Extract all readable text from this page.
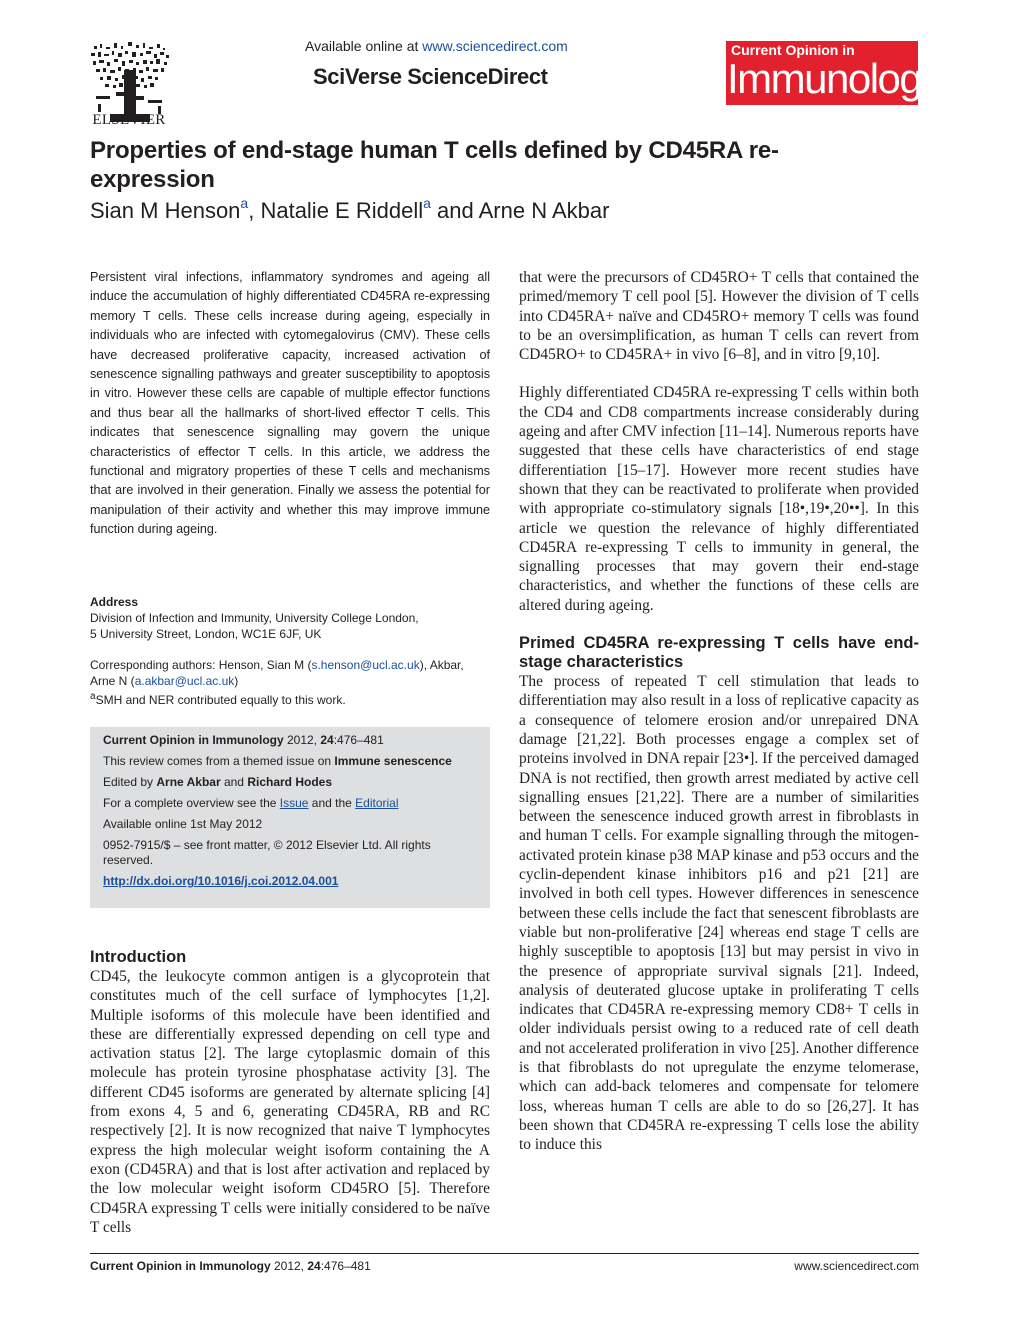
ELSEVIER
Available online at www.sciencedirect.com
SciVerse ScienceDirect
Current Opinion in
Immunology
Properties of end-stage human T cells defined by CD45RA re-expression
Sian M Henson$^a$, Natalie E Riddell$^a$ and Arne N Akbar

Persistent viral infections, inflammatory syndromes and ageing all induce the accumulation of highly differentiated CD45RA re-expressing memory T cells. These cells increase during ageing, especially in individuals who are infected with cytomegalovirus (CMV). These cells have decreased proliferative capacity, increased activation of senescence signalling pathways and greater susceptibility to apoptosis in vitro. However these cells are capable of multiple effector functions and thus bear all the hallmarks of short-lived effector T cells. This indicates that senescence signalling may govern the unique characteristics of effector T cells. In this article, we address the functional and migratory properties of these T cells and mechanisms that are involved in their generation. Finally we assess the potential for manipulation of their activity and whether this may improve immune function during ageing.

Address
Division of Infection and Immunity, University College London,
5 University Street, London, WC1E 6JF, UK
Corresponding authors: Henson, Sian M (s.henson@ucl.ac.uk), Akbar, Arne N (a.akbar@ucl.ac.uk)
$^a$SMH and NER contributed equally to this work.

Current Opinion in Immunology 2012, 24:476–481

This review comes from a themed issue on Immune senescence

Edited by Arne Akbar and Richard Hodes

For a complete overview see the Issue and the Editorial

Available online 1st May 2012

0952-7915/$ – see front matter, © 2012 Elsevier Ltd. All rights reserved.

http://dx.doi.org/10.1016/j.coi.2012.04.001

Introduction

CD45, the leukocyte common antigen is a glycoprotein that constitutes much of the cell surface of lymphocytes [1,2]. Multiple isoforms of this molecule have been identified and these are differentially expressed depending on cell type and activation status [2]. The large cytoplasmic domain of this molecule has protein tyrosine phosphatase activity [3]. The different CD45 isoforms are generated by alternate splicing [4] from exons 4, 5 and 6, generating CD45RA, RB and RC respectively [2]. It is now recognized that naive T lymphocytes express the high molecular weight isoform containing the A exon (CD45RA) and that is lost after activation and replaced by the low molecular weight isoform CD45RO [5]. Therefore CD45RA expressing T cells were initially considered to be naïve T cells

that were the precursors of CD45RO+ T cells that contained the primed/memory T cell pool [5]. However the division of T cells into CD45RA+ naïve and CD45RO+ memory T cells was found to be an oversimplification, as human T cells can revert from CD45RO+ to CD45RA+ in vivo [6–8], and in vitro [9,10].

Highly differentiated CD45RA re-expressing T cells within both the CD4 and CD8 compartments increase considerably during ageing and after CMV infection [11–14]. Numerous reports have suggested that these cells have characteristics of end stage differentiation [15–17]. However more recent studies have shown that they can be reactivated to proliferate when provided with appropriate co-stimulatory signals [18•,19•,20••]. In this article we question the relevance of highly differentiated CD45RA re-expressing T cells to immunity in general, the signalling processes that may govern their end-stage characteristics, and whether the functions of these cells are altered during ageing.

Primed CD45RA re-expressing T cells have end-stage characteristics

The process of repeated T cell stimulation that leads to differentiation may also result in a loss of replicative capacity as a consequence of telomere erosion and/or unrepaired DNA damage [21,22]. Both processes engage a complex set of proteins involved in DNA repair [23•]. If the perceived damaged DNA is not rectified, then growth arrest mediated by active cell signalling ensues [21,22]. There are a number of similarities between the senescence induced growth arrest in fibroblasts in and human T cells. For example signalling through the mitogen-activated protein kinase p38 MAP kinase and p53 occurs and the cyclin-dependent kinase inhibitors p16 and p21 [21] are involved in both cell types. However differences in senescence between these cells include the fact that senescent fibroblasts are viable but non-proliferative [24] whereas end stage T cells are highly susceptible to apoptosis [13] but may persist in vivo in the presence of appropriate survival signals [21]. Indeed, analysis of deuterated glucose uptake in proliferating T cells indicates that CD45RA re-expressing memory CD8+ T cells in older individuals persist owing to a reduced rate of cell death and not accelerated proliferation in vivo [25]. Another difference is that fibroblasts do not upregulate the enzyme telomerase, which can add-back telomeres and compensate for telomere loss, whereas human T cells are able to do so [26,27]. It has been shown that CD45RA re-expressing T cells lose the ability to induce this

Current Opinion in Immunology 2012, 24:476–481	www.sciencedirect.com
